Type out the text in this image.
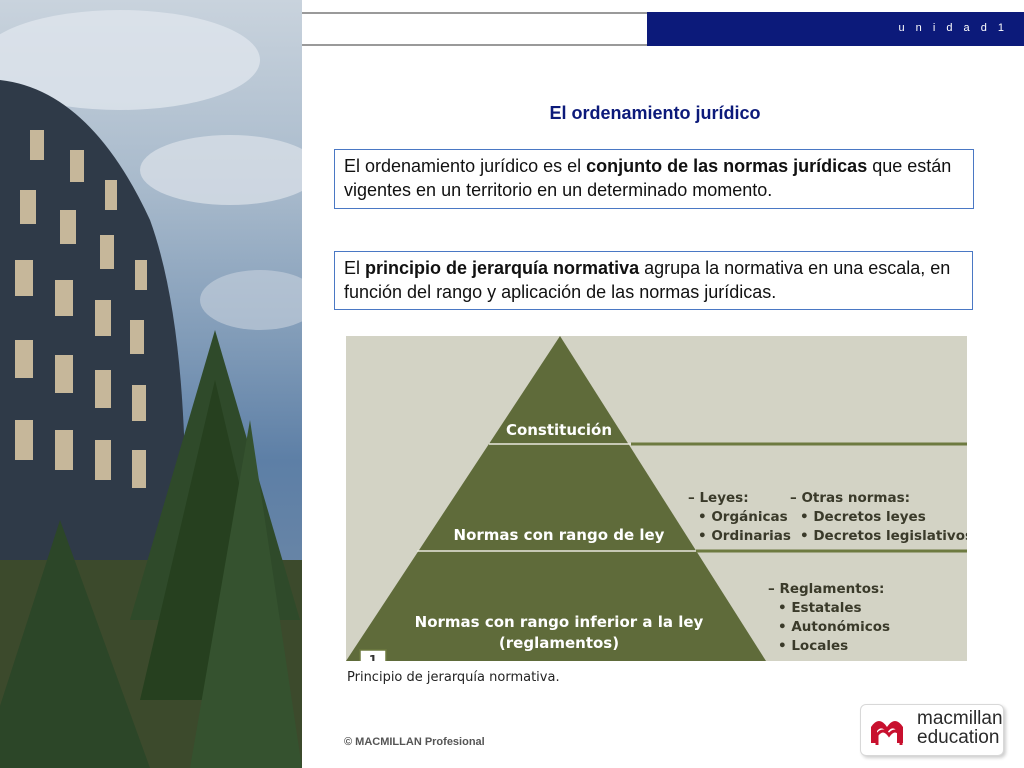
u n i d a d 1
El ordenamiento jurídico
El ordenamiento jurídico es el conjunto de las normas jurídicas que están vigentes en un territorio en un determinado momento.
El principio de jerarquía normativa agrupa la normativa en una escala, en función del rango y aplicación de las normas jurídicas.
Constitución
Normas con rango de ley
Normas con rango inferior a la ley
(reglamentos)
– Leyes:
• Orgánicas
• Ordinarias
– Otras normas:
• Decretos leyes
• Decretos legislativos
– Reglamentos:
• Estatales
• Autonómicos
• Locales
1
Principio de jerarquía normativa.
© MACMILLAN Profesional
macmillan
education
